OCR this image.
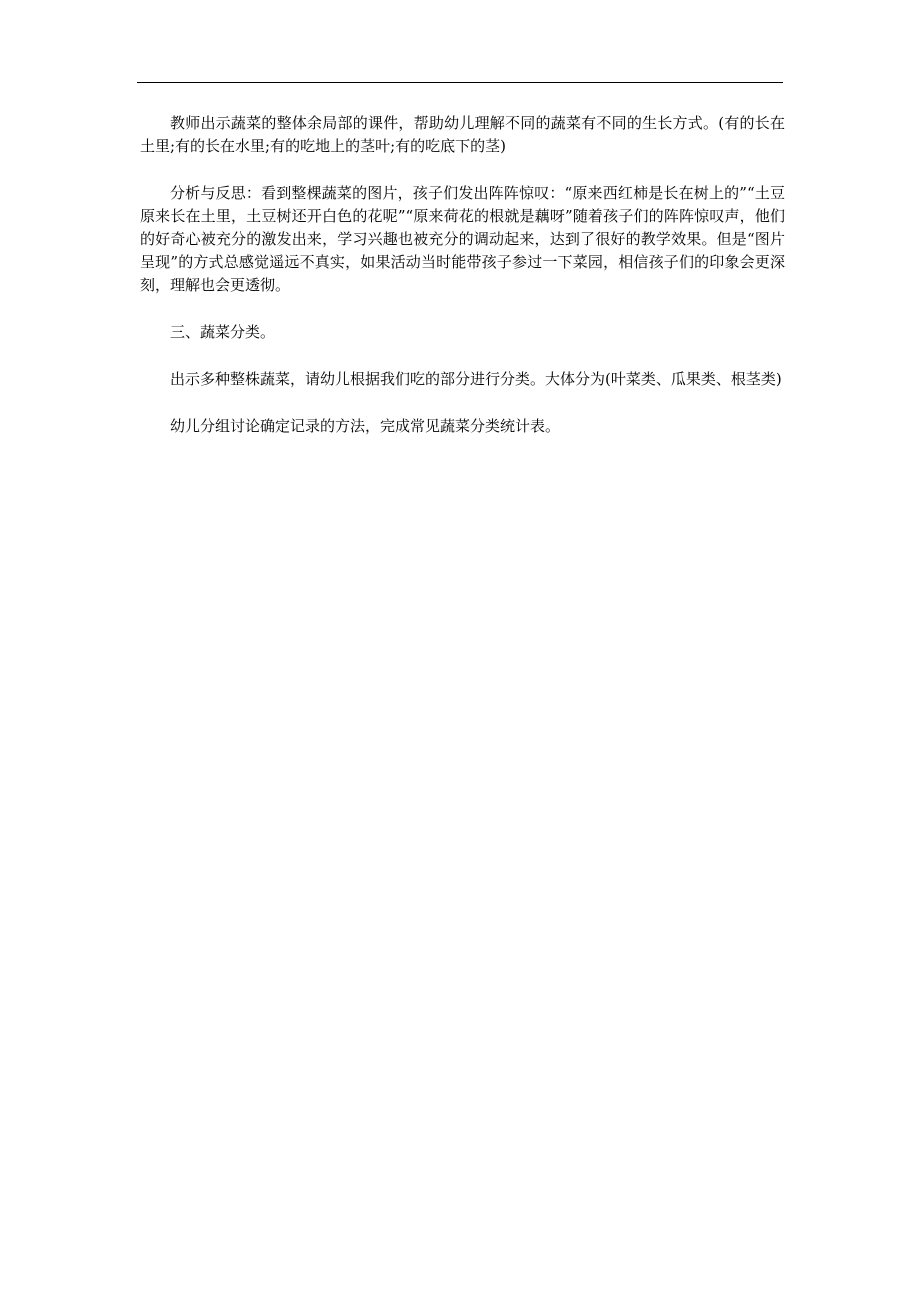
教师出示蔬菜的整体余局部的课件，帮助幼儿理解不同的蔬菜有不同的生长方式。(有的长在土里;有的长在水里;有的吃地上的茎叶;有的吃底下的茎)

分析与反思：看到整棵蔬菜的图片，孩子们发出阵阵惊叹：“原来西红柿是长在树上的”“土豆原来长在土里，土豆树还开白色的花呢”“原来荷花的根就是藕呀”随着孩子们的阵阵惊叹声，他们的好奇心被充分的激发出来，学习兴趣也被充分的调动起来，达到了很好的教学效果。但是“图片呈现”的方式总感觉遥远不真实，如果活动当时能带孩子参过一下菜园，相信孩子们的印象会更深刻，理解也会更透彻。

三、蔬菜分类。

出示多种整株蔬菜，请幼儿根据我们吃的部分进行分类。大体分为(叶菜类、瓜果类、根茎类)

幼儿分组讨论确定记录的方法，完成常见蔬菜分类统计表。
